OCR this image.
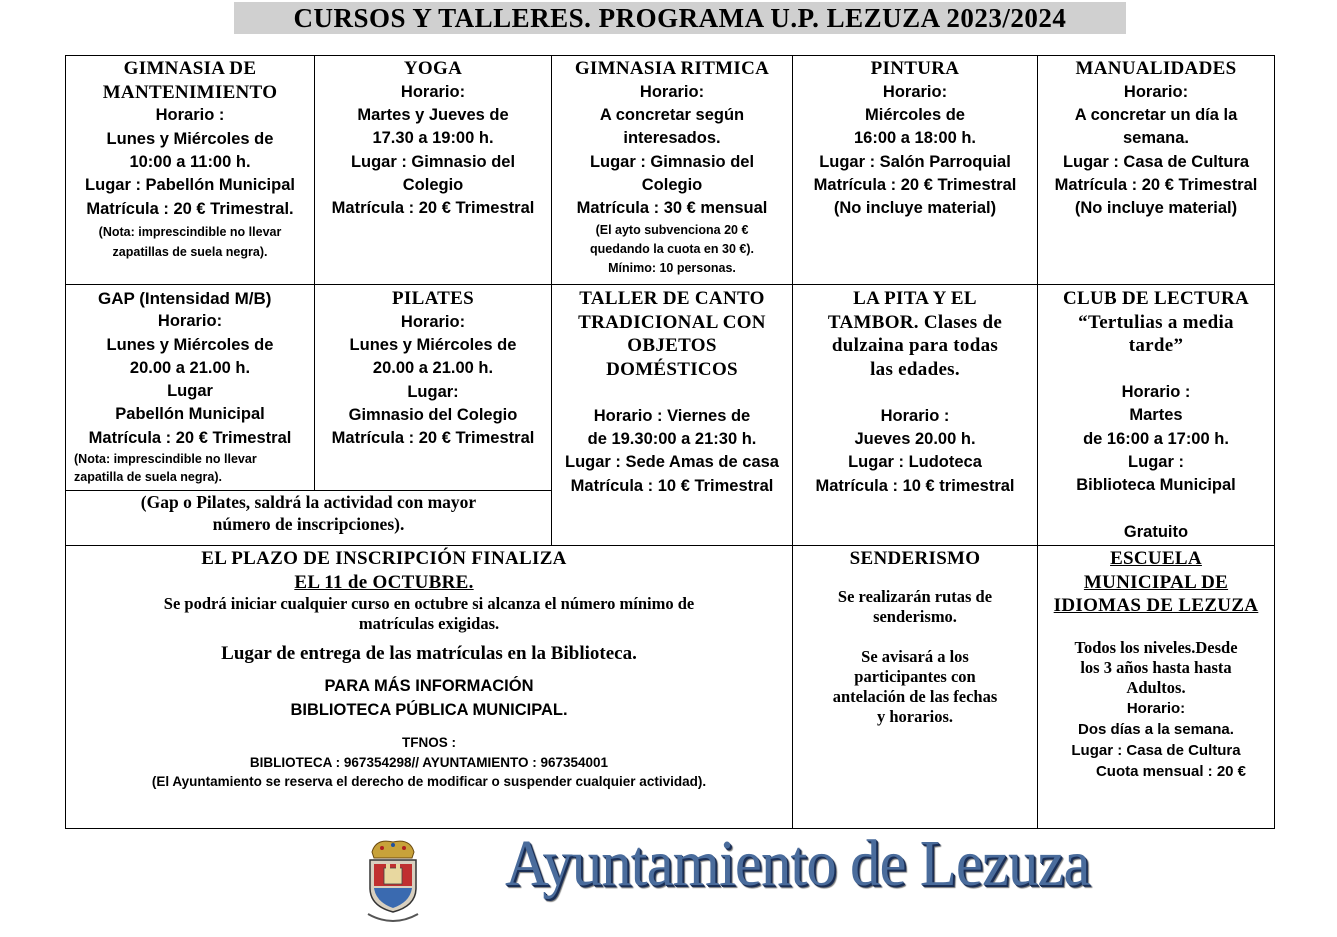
CURSOS Y TALLERES. PROGRAMA U.P. LEZUZA 2023/2024
GIMNASIA DE
MANTENIMIENTO
Horario :
Lunes y Miércoles de
10:00 a 11:00 h.
Lugar : Pabellón Municipal
Matrícula : 20 € Trimestral.
(Nota: imprescindible no llevar
zapatillas de suela negra).
YOGA
Horario:
Martes y Jueves de
17.30 a 19:00 h.
Lugar : Gimnasio del
Colegio
Matrícula : 20 € Trimestral
GIMNASIA RITMICA
Horario:
A concretar según
interesados.
Lugar : Gimnasio del
Colegio
Matrícula : 30 € mensual
(El ayto subvenciona 20 €
quedando la cuota en 30 €).
Mínimo: 10 personas.
PINTURA
Horario:
Miércoles de
16:00 a 18:00 h.
Lugar : Salón Parroquial
Matrícula : 20 € Trimestral
(No incluye material)
MANUALIDADES
Horario:
A concretar un día la
semana.
Lugar : Casa de Cultura
Matrícula : 20 € Trimestral
(No incluye material)
GAP (Intensidad M/B)
Horario:
Lunes y Miércoles de
20.00 a 21.00 h.
Lugar
Pabellón Municipal
Matrícula : 20 € Trimestral
(Nota: imprescindible no llevar
zapatilla de suela negra).
PILATES
Horario:
Lunes y Miércoles de
20.00 a 21.00 h.
Lugar:
Gimnasio del Colegio
Matrícula : 20 € Trimestral
(Gap o Pilates, saldrá la actividad con mayor
número de inscripciones).
TALLER DE CANTO
TRADICIONAL CON
OBJETOS
DOMÉSTICOS
Horario : Viernes de
de 19.30:00 a 21:30 h.
Lugar : Sede Amas de casa
Matrícula : 10 € Trimestral
LA PITA Y EL
TAMBOR. Clases de
dulzaina para todas
las edades.
Horario :
Jueves 20.00 h.
Lugar : Ludoteca
Matrícula : 10 € trimestral
CLUB DE LECTURA
“Tertulias a media
tarde”
Horario :
Martes
de 16:00 a 17:00 h.
Lugar :
Biblioteca Municipal
Gratuito
EL PLAZO DE INSCRIPCIÓN FINALIZA
EL 11 de OCTUBRE.
Se podrá iniciar cualquier curso en octubre si alcanza el número mínimo de
matrículas exigidas.
Lugar de entrega de las matrículas en la Biblioteca.
PARA MÁS INFORMACIÓN
BIBLIOTECA PÚBLICA MUNICIPAL.
TFNOS :
BIBLIOTECA : 967354298// AYUNTAMIENTO : 967354001
(El Ayuntamiento se reserva el derecho de modificar o suspender cualquier actividad).
SENDERISMO
Se realizarán rutas de
senderismo.
Se avisará a los
participantes con
antelación de las fechas
y horarios.
ESCUELA
MUNICIPAL DE
IDIOMAS DE LEZUZA
Todos los niveles.Desde
los 3 años hasta hasta
Adultos.
Horario:
Dos días a la semana.
Lugar : Casa de Cultura
Cuota mensual : 20 €
Ayuntamiento de Lezuza
